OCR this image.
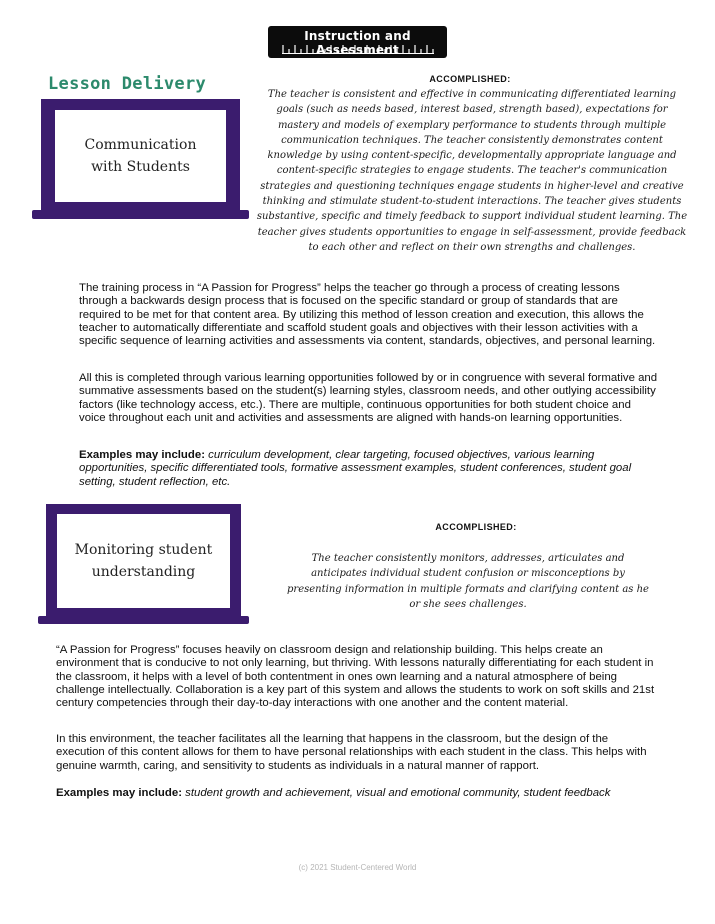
Instruction and Assessment
Lesson Delivery
Communication with Students
ACCOMPLISHED:
The teacher is consistent and effective in communicating differentiated learning goals (such as needs based, interest based, strength based), expectations for mastery and models of exemplary performance to students through multiple communication techniques. The teacher consistently demonstrates content knowledge by using content-specific, developmentally appropriate language and content-specific strategies to engage students. The teacher's communication strategies and questioning techniques engage students in higher-level and creative thinking and stimulate student-to-student interactions. The teacher gives students substantive, specific and timely feedback to support individual student learning. The teacher gives students opportunities to engage in self-assessment, provide feedback to each other and reflect on their own strengths and challenges.
The training process in “A Passion for Progress” helps the teacher go through a process of creating lessons through a backwards design process that is focused on the specific standard or group of standards that are required to be met for that content area. By utilizing this method of lesson creation and execution, this allows the teacher to automatically differentiate and scaffold student goals and objectives with their lesson activities with a specific sequence of learning activities and assessments via content, standards, objectives, and personal learning.
All this is completed through various learning opportunities followed by or in congruence with several formative and summative assessments based on the student(s) learning styles, classroom needs, and other outlying accessibility factors (like technology access, etc.). There are multiple, continuous opportunities for both student choice and voice throughout each unit and activities and assessments are aligned with hands-on learning opportunities.
Examples may include: curriculum development, clear targeting, focused objectives, various learning opportunities, specific differentiated tools, formative assessment examples, student conferences, student goal setting, student reflection, etc.
Monitoring student understanding
ACCOMPLISHED:
The teacher consistently monitors, addresses, articulates and anticipates individual student confusion or misconceptions by presenting information in multiple formats and clarifying content as he or she sees challenges.
“A Passion for Progress” focuses heavily on classroom design and relationship building. This helps create an environment that is conducive to not only learning, but thriving. With lessons naturally differentiating for each student in the classroom, it helps with a level of both contentment in ones own learning and a natural atmosphere of being challenge intellectually. Collaboration is a key part of this system and allows the students to work on soft skills and 21st century competencies through their day-to-day interactions with one another and the content material.
In this environment, the teacher facilitates all the learning that happens in the classroom, but the design of the execution of this content allows for them to have personal relationships with each student in the class. This helps with genuine warmth, caring, and sensitivity to students as individuals in a natural manner of rapport.
Examples may include: student growth and achievement, visual and emotional community, student feedback
(c) 2021 Student-Centered World
